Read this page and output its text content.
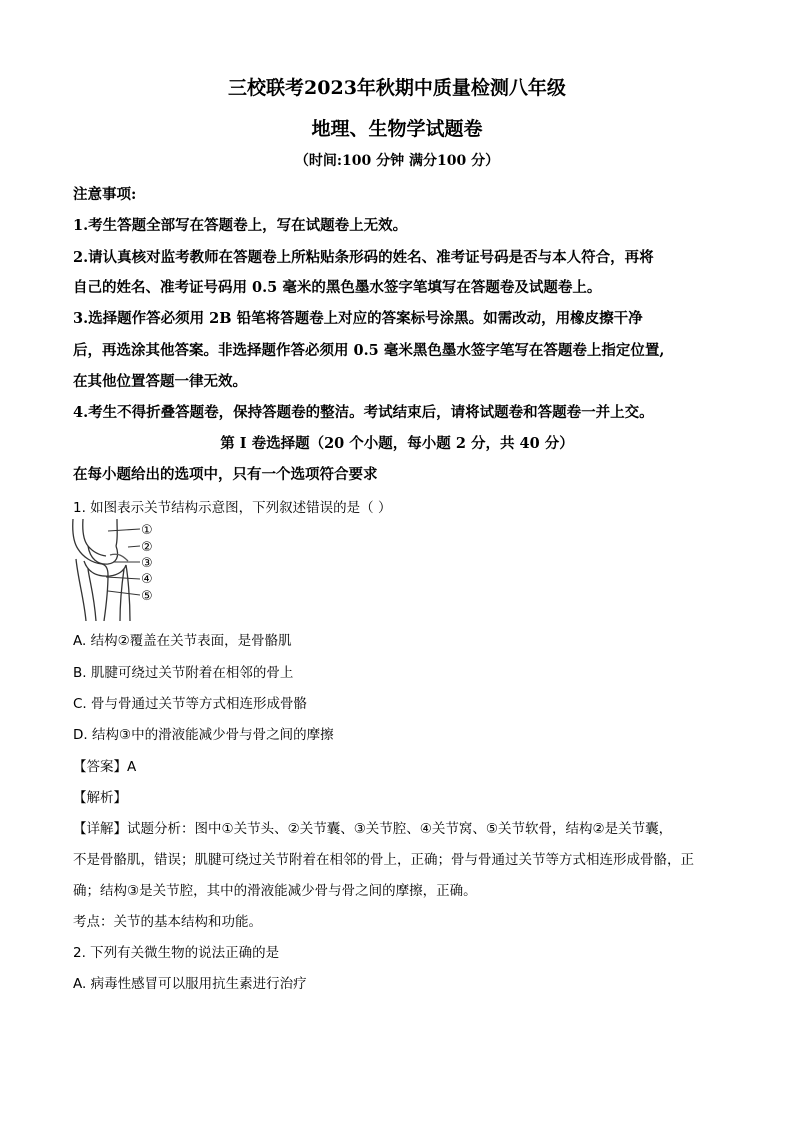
三校联考2023年秋期中质量检测八年级
地理、生物学试题卷
（时间:100 分钟 满分100 分）
注意事项:
1.考生答题全部写在答题卷上，写在试题卷上无效。
2.请认真核对监考教师在答题卷上所粘贴条形码的姓名、准考证号码是否与本人符合，再将
自己的姓名、准考证号码用 0.5 毫米的黑色墨水签字笔填写在答题卷及试题卷上。
3.选择题作答必须用 2B 铅笔将答题卷上对应的答案标号涂黑。如需改动，用橡皮擦干净
后，再选涂其他答案。非选择题作答必须用 0.5 毫米黑色墨水签字笔写在答题卷上指定位置,
在其他位置答题一律无效。
4.考生不得折叠答题卷，保持答题卷的整洁。考试结束后，请将试题卷和答题卷一并上交。
第 I 卷选择题（20 个小题，每小题 2 分，共 40 分）
在每小题给出的选项中，只有一个选项符合要求
1. 如图表示关节结构示意图，下列叙述错误的是（ ）
①
②
③
④
⑤
A. 结构②覆盖在关节表面，是骨骼肌
B. 肌腱可绕过关节附着在相邻的骨上
C. 骨与骨通过关节等方式相连形成骨骼
D. 结构③中的滑液能减少骨与骨之间的摩擦
【答案】A
【解析】
【详解】试题分析：图中①关节头、②关节囊、③关节腔、④关节窝、⑤关节软骨，结构②是关节囊，
不是骨骼肌，错误；肌腱可绕过关节附着在相邻的骨上，正确；骨与骨通过关节等方式相连形成骨骼，正
确；结构③是关节腔，其中的滑液能减少骨与骨之间的摩擦，正确。
考点：关节的基本结构和功能。
2. 下列有关微生物的说法正确的是
A. 病毒性感冒可以服用抗生素进行治疗
